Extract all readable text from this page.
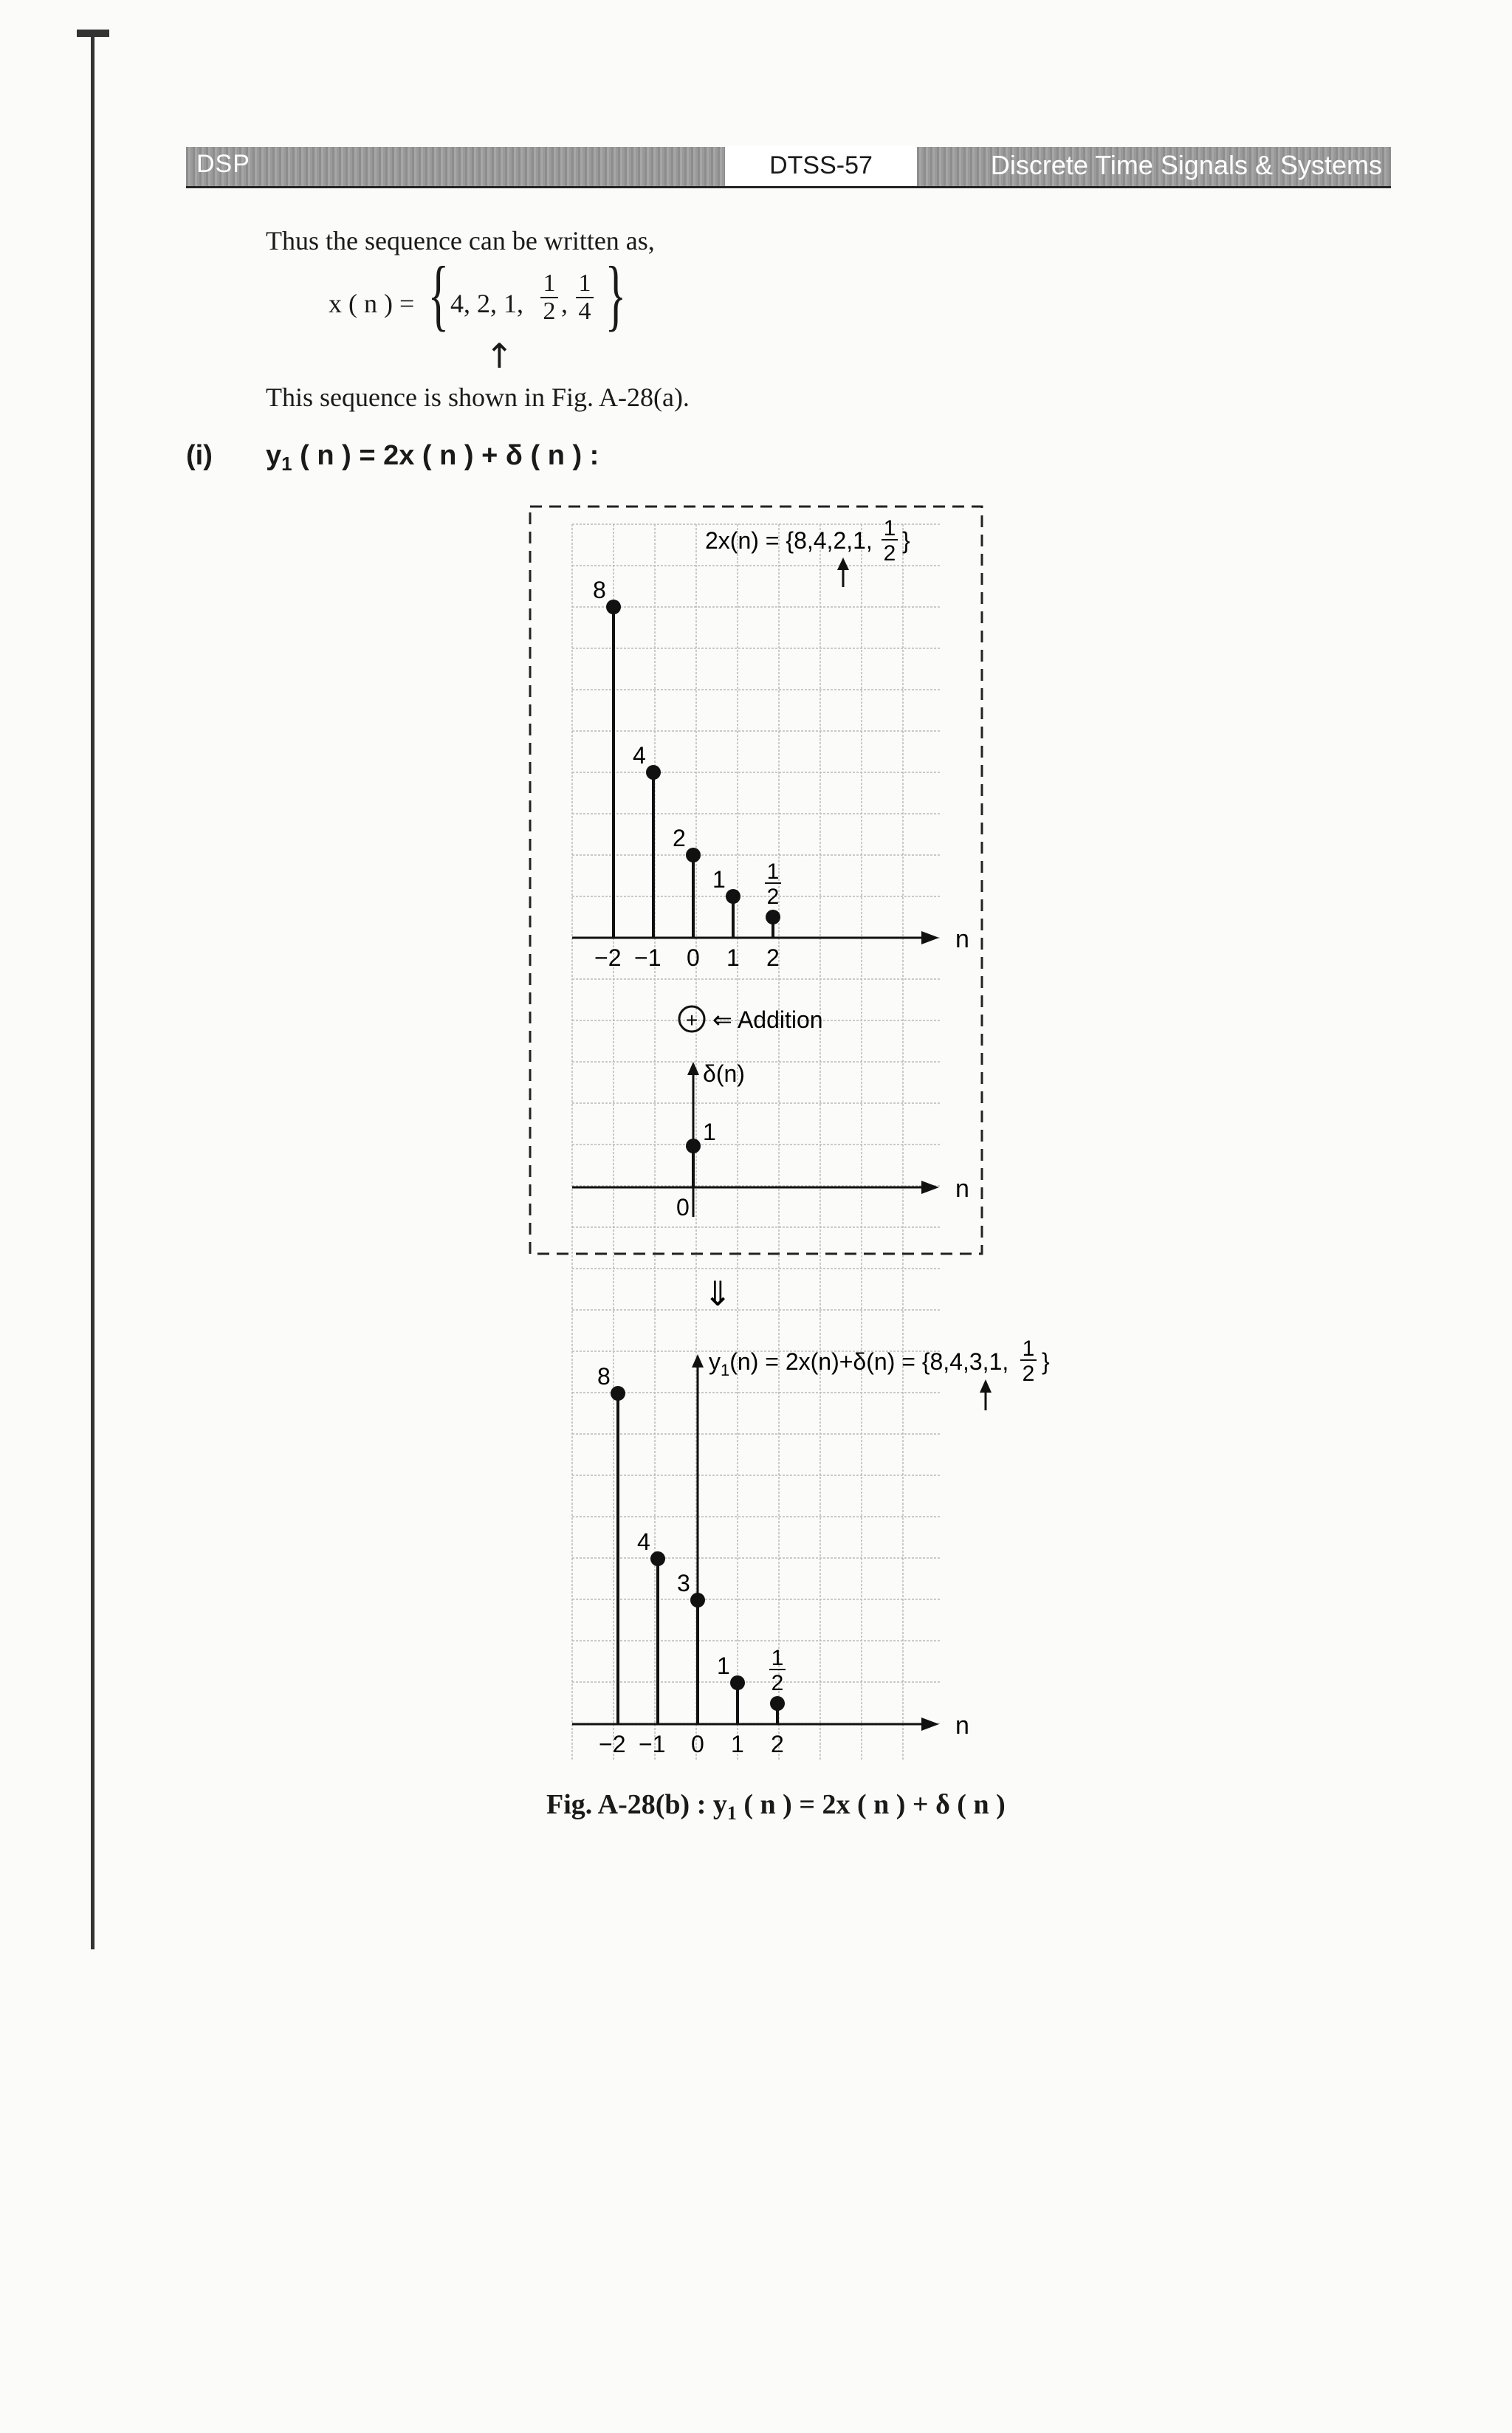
DSP	DTSS-57	Discrete Time Signals & Systems
Thus the sequence can be written as,
x ( n ) = { 4, 2, 1,
1
2 ,
1
4 }
↑
This sequence is shown in Fig. A-28(a).
(i) $y_1$ ( n ) = 2x ( n ) + δ ( n ) :
n
8
−2
4
−1
2
0
1
1
1
2
2
2x(n) = {8,4,2,1, 1
2 }
+ ⇐ Addition
n
δ(n)
1
0
⇓
n
8
−2
4
−1
3
0
1
1
1
2
2
$y_1(n) = 2x(n)+\delta(n) = \{8,4,3,1$, 1
2 }
Fig. A-28(b) : $y_1$ ( n ) = 2x ( n ) + δ ( n )
